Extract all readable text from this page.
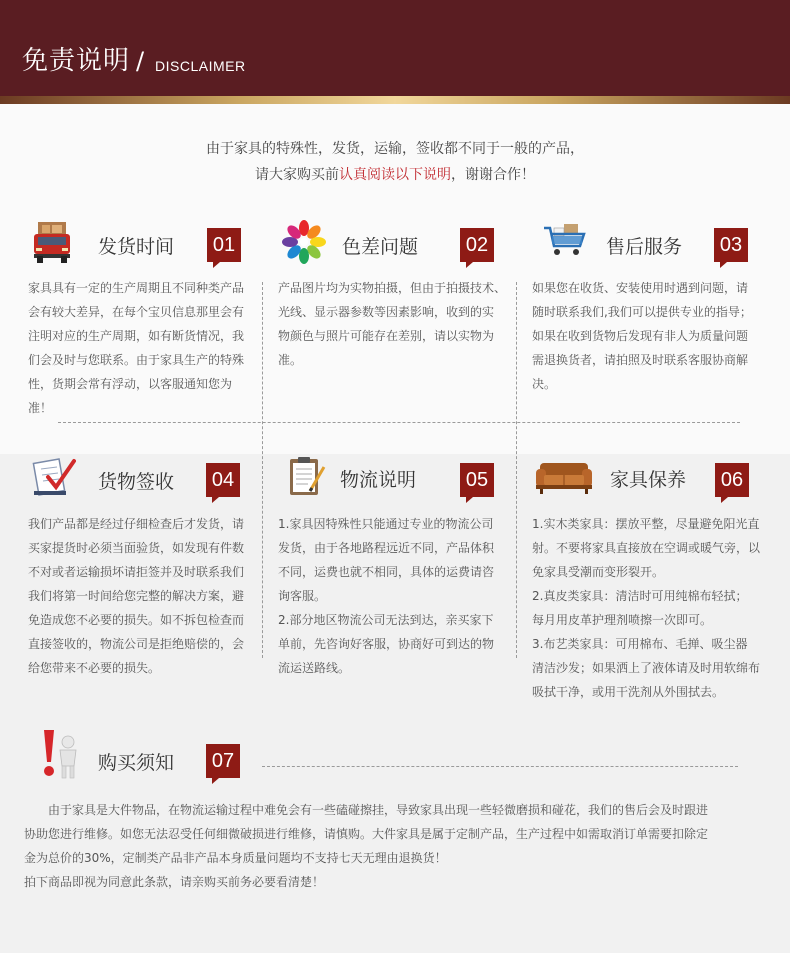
免责说明 / DISCLAIMER
由于家具的特殊性，发货，运输，签收都不同于一般的产品，
请大家购买前认真阅读以下说明，谢谢合作！
发货时间 01

家具具有一定的生产周期且不同种类产品

会有较大差异，在每个宝贝信息那里会有

注明对应的生产周期，如有断货情况，我

们会及时与您联系。由于家具生产的特殊

性，货期会常有浮动，以客服通知您为准！

色差问题 02

产品图片均为实物拍摄，但由于拍摄技术、

光线、显示器参数等因素影响，收到的实

物颜色与照片可能存在差别，请以实物为

准。

售后服务 03

如果您在收货、安装使用时遇到问题，请

随时联系我们,我们可以提供专业的指导；

如果在收到货物后发现有非人为质量问题

需退换货者，请拍照及时联系客服协商解

决。

货物签收 04

我们产品都是经过仔细检查后才发货，请

买家提货时必须当面验货，如发现有件数

不对或者运输损坏请拒签并及时联系我们

我们将第一时间给您完整的解决方案，避

免造成您不必要的损失。如不拆包检查而

直接签收的，物流公司是拒绝赔偿的，会

给您带来不必要的损失。

物流说明 05

1.家具因特殊性只能通过专业的物流公司

发货，由于各地路程远近不同，产品体积

不同，运费也就不相同，具体的运费请咨

询客服。

2.部分地区物流公司无法到达，亲买家下

单前，先咨询好客服，协商好可到达的物

流运送路线。

家具保养 06

1.实木类家具：摆放平整，尽量避免阳光直

射。不要将家具直接放在空调或暖气旁，以

免家具受潮而变形裂开。

2.真皮类家具：清洁时可用纯棉布轻拭；

每月用皮革护理剂喷擦一次即可。

3.布艺类家具：可用棉布、毛掸、吸尘器

清洁沙发；如果洒上了液体请及时用软绵布

吸拭干净，或用干洗剂从外围拭去。

购买须知 07

由于家具是大件物品，在物流运输过程中难免会有一些磕碰擦挂，导致家具出现一些轻微磨损和碰花，我们的售后会及时跟进

协助您进行维修。如您无法忍受任何细微破损进行维修，请慎购。大件家具是属于定制产品，生产过程中如需取消订单需要扣除定

金为总价的30%，定制类产品非产品本身质量问题均不支持七天无理由退换货！

拍下商品即视为同意此条款，请亲购买前务必要看清楚！
